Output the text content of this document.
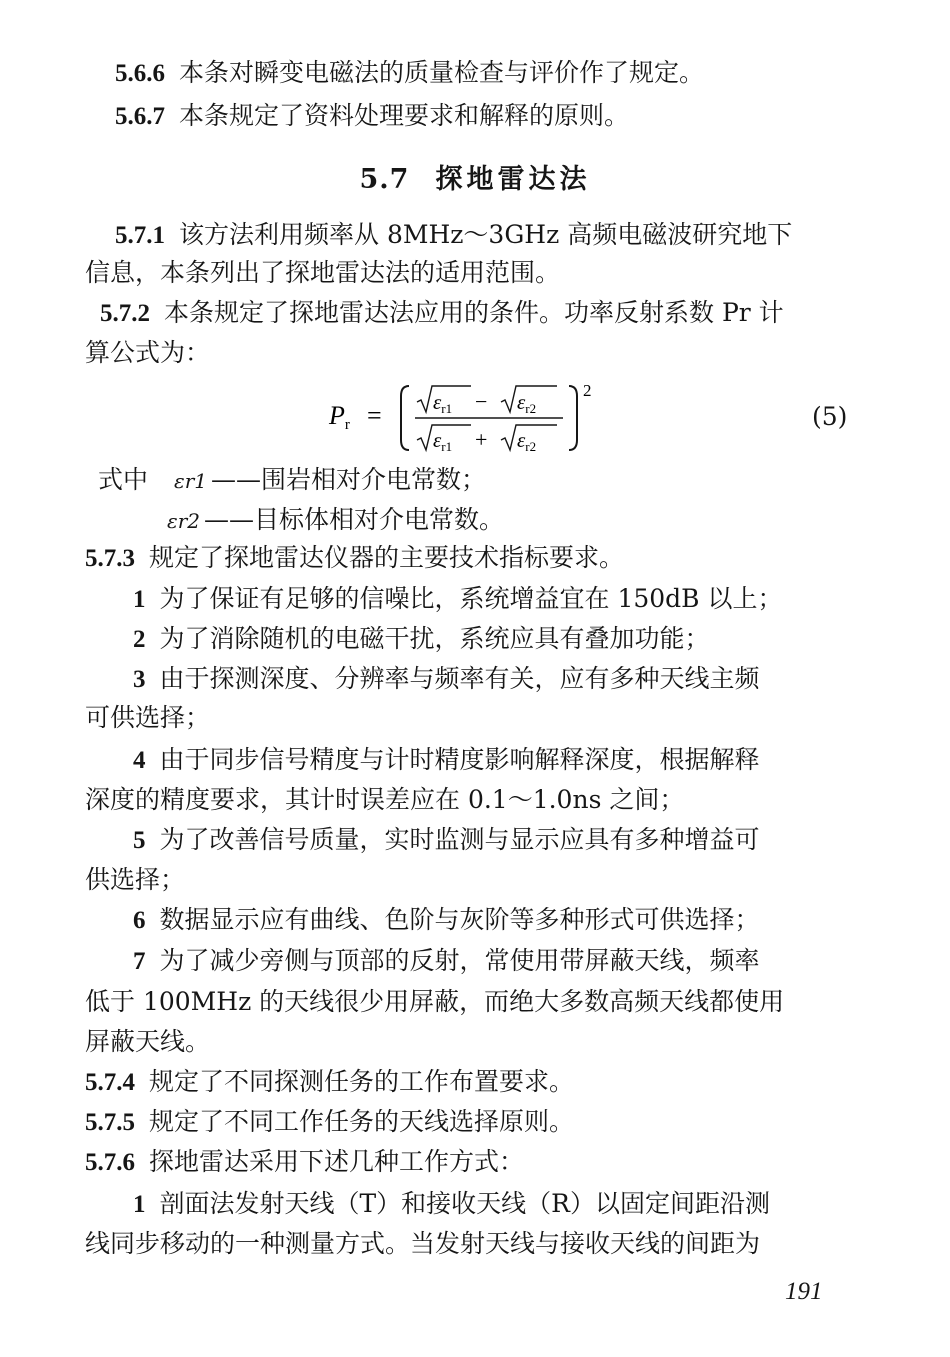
5.6.6 本条对瞬变电磁法的质量检查与评价作了规定。
5.6.7 本条规定了资料处理要求和解释的原则。
5.7 探地雷达法
5.7.1 该方法利用频率从 8MHz～3GHz 高频电磁波研究地下
信息，本条列出了探地雷达法的适用范围。
5.7.2 本条规定了探地雷达法应用的条件。功率反射系数 Pr 计
算公式为：
Pr =
2
εr1 − εr2
εr1 + εr2
(5)
式中 εr1 ——围岩相对介电常数；
εr2 ——目标体相对介电常数。
5.7.3 规定了探地雷达仪器的主要技术指标要求。
1 为了保证有足够的信噪比，系统增益宜在 150dB 以上；
2 为了消除随机的电磁干扰，系统应具有叠加功能；
3 由于探测深度、分辨率与频率有关，应有多种天线主频
可供选择；
4 由于同步信号精度与计时精度影响解释深度，根据解释
深度的精度要求，其计时误差应在 0.1～1.0ns 之间；
5 为了改善信号质量，实时监测与显示应具有多种增益可
供选择；
6 数据显示应有曲线、色阶与灰阶等多种形式可供选择；
7 为了减少旁侧与顶部的反射，常使用带屏蔽天线，频率
低于 100MHz 的天线很少用屏蔽，而绝大多数高频天线都使用
屏蔽天线。
5.7.4 规定了不同探测任务的工作布置要求。
5.7.5 规定了不同工作任务的天线选择原则。
5.7.6 探地雷达采用下述几种工作方式：
1 剖面法发射天线（T）和接收天线（R）以固定间距沿测
线同步移动的一种测量方式。当发射天线与接收天线的间距为
191
